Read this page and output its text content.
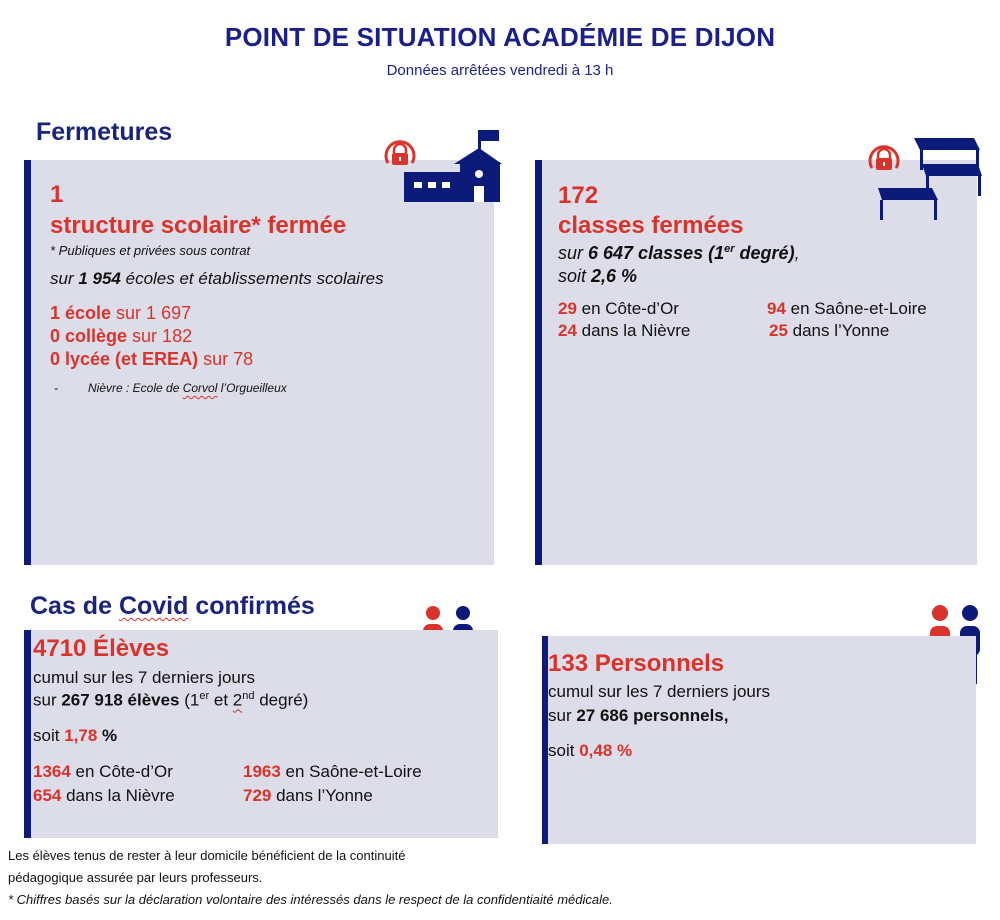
POINT DE SITUATION ACADÉMIE DE DIJON
Données arrêtées vendredi à 13 h
Fermetures
1
structure scolaire* fermée
* Publiques et privées sous contrat
sur 1 954 écoles et établissements scolaires
1 école sur 1 697
0 collège sur 182
0 lycée (et EREA) sur 78
-	Nièvre : Ecole de Corvol l’Orgueilleux
172
classes fermées
sur 6 647 classes (1er degré),
soit 2,6 %
29 en Côte-d’Or	94 en Saône-et-Loire
24 dans la Nièvre	25 dans l’Yonne
Cas de Covid confirmés
4710 Élèves
cumul sur les 7 derniers jours
sur 267 918 élèves (1er et 2nd degré)
soit 1,78 %
1364 en Côte-d’Or	1963 en Saône-et-Loire
654 dans la Nièvre	729 dans l’Yonne
133 Personnels
cumul sur les 7 derniers jours
sur 27 686 personnels,
soit 0,48 %
Les élèves tenus de rester à leur domicile bénéficient de la continuité
pédagogique assurée par leurs professeurs.
* Chiffres basés sur la déclaration volontaire des intéressés dans le respect de la confidentiaité médicale.
